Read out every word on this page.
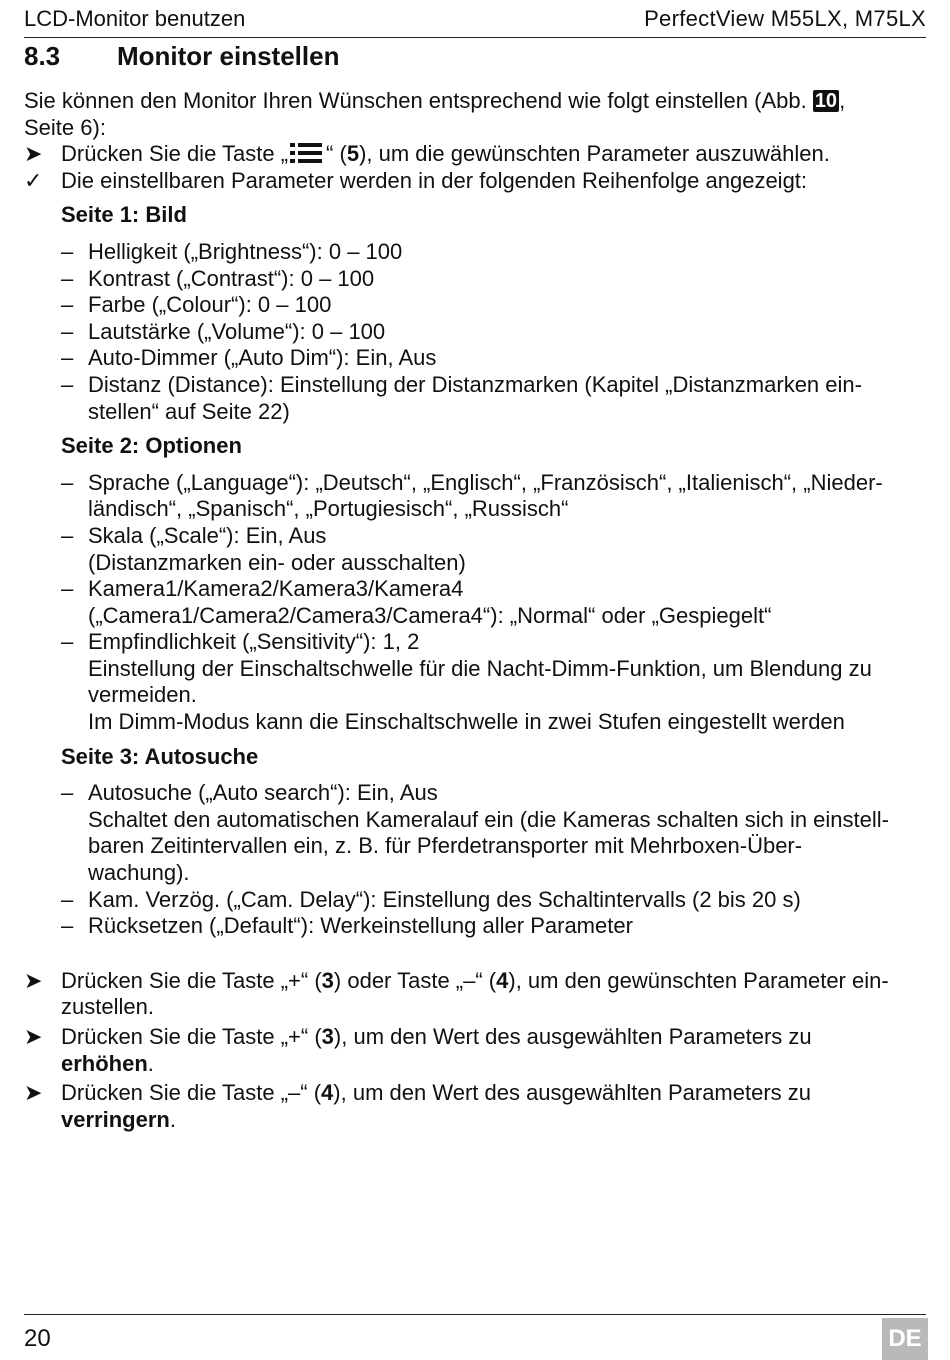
LCD-Monitor benutzen	PerfectView M55LX, M75LX
8.3 Monitor einstellen

Sie können den Monitor Ihren Wünschen entsprechend wie folgt einstellen (Abb. 10,
Seite 6):

➤ Drücken Sie die Taste „ “ (5), um die gewünschten Parameter auszuwählen.
✓ Die einstellbaren Parameter werden in der folgenden Reihenfolge angezeigt:
Seite 1: Bild
– Helligkeit („Brightness“): 0 – 100
– Kontrast („Contrast“): 0 – 100
– Farbe („Colour“): 0 – 100
– Lautstärke („Volume“): 0 – 100
– Auto-Dimmer („Auto Dim“): Ein, Aus
– Distanz (Distance): Einstellung der Distanzmarken (Kapitel „Distanzmarken ein-
stellen“ auf Seite 22)
Seite 2: Optionen
– Sprache („Language“): „Deutsch“, „Englisch“, „Französisch“, „Italienisch“, „Nieder-
ländisch“, „Spanisch“, „Portugiesisch“, „Russisch“
– Skala („Scale“): Ein, Aus
(Distanzmarken ein- oder ausschalten)
– Kamera1/Kamera2/Kamera3/Kamera4
(„Camera1/Camera2/Camera3/Camera4“): „Normal“ oder „Gespiegelt“
– Empfindlichkeit („Sensitivity“): 1, 2
Einstellung der Einschaltschwelle für die Nacht-Dimm-Funktion, um Blendung zu
vermeiden.
Im Dimm-Modus kann die Einschaltschwelle in zwei Stufen eingestellt werden
Seite 3: Autosuche
– Autosuche („Auto search“): Ein, Aus
Schaltet den automatischen Kameralauf ein (die Kameras schalten sich in einstell-
baren Zeitintervallen ein, z. B. für Pferdetransporter mit Mehrboxen-Über-
wachung).
– Kam. Verzög. („Cam. Delay“): Einstellung des Schaltintervalls (2 bis 20 s)
– Rücksetzen („Default“): Werkeinstellung aller Parameter
➤ Drücken Sie die Taste „+“ (3) oder Taste „–“ (4), um den gewünschten Parameter ein-
zustellen.
➤ Drücken Sie die Taste „+“ (3), um den Wert des ausgewählten Parameters zu
erhöhen.
➤ Drücken Sie die Taste „–“ (4), um den Wert des ausgewählten Parameters zu
verringern.
20	DE
